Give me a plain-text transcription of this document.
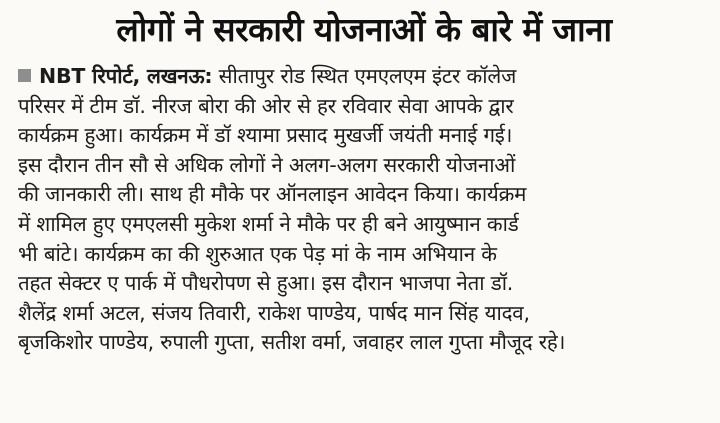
लोगों ने सरकारी योजनाओं के बारे में जाना
NBT रिपोर्ट, लखनऊ: सीतापुर रोड स्थित एमएलएम इंटर कॉलेज
परिसर में टीम डॉ. नीरज बोरा की ओर से हर रविवार सेवा आपके द्वार
कार्यक्रम हुआ। कार्यक्रम में डॉ श्यामा प्रसाद मुखर्जी जयंती मनाई गई।
इस दौरान तीन सौ से अधिक लोगों ने अलग-अलग सरकारी योजनाओं
की जानकारी ली। साथ ही मौके पर ऑनलाइन आवेदन किया। कार्यक्रम
में शामिल हुए एमएलसी मुकेश शर्मा ने मौके पर ही बने आयुष्मान कार्ड
भी बांटे। कार्यक्रम का की शुरुआत एक पेड़ मां के नाम अभियान के
तहत सेक्टर ए पार्क में पौधरोपण से हुआ। इस दौरान भाजपा नेता डॉ.
शैलेंद्र शर्मा अटल, संजय तिवारी, राकेश पाण्डेय, पार्षद मान सिंह यादव,
बृजकिशोर पाण्डेय, रुपाली गुप्ता, सतीश वर्मा, जवाहर लाल गुप्ता मौजूद रहे।
